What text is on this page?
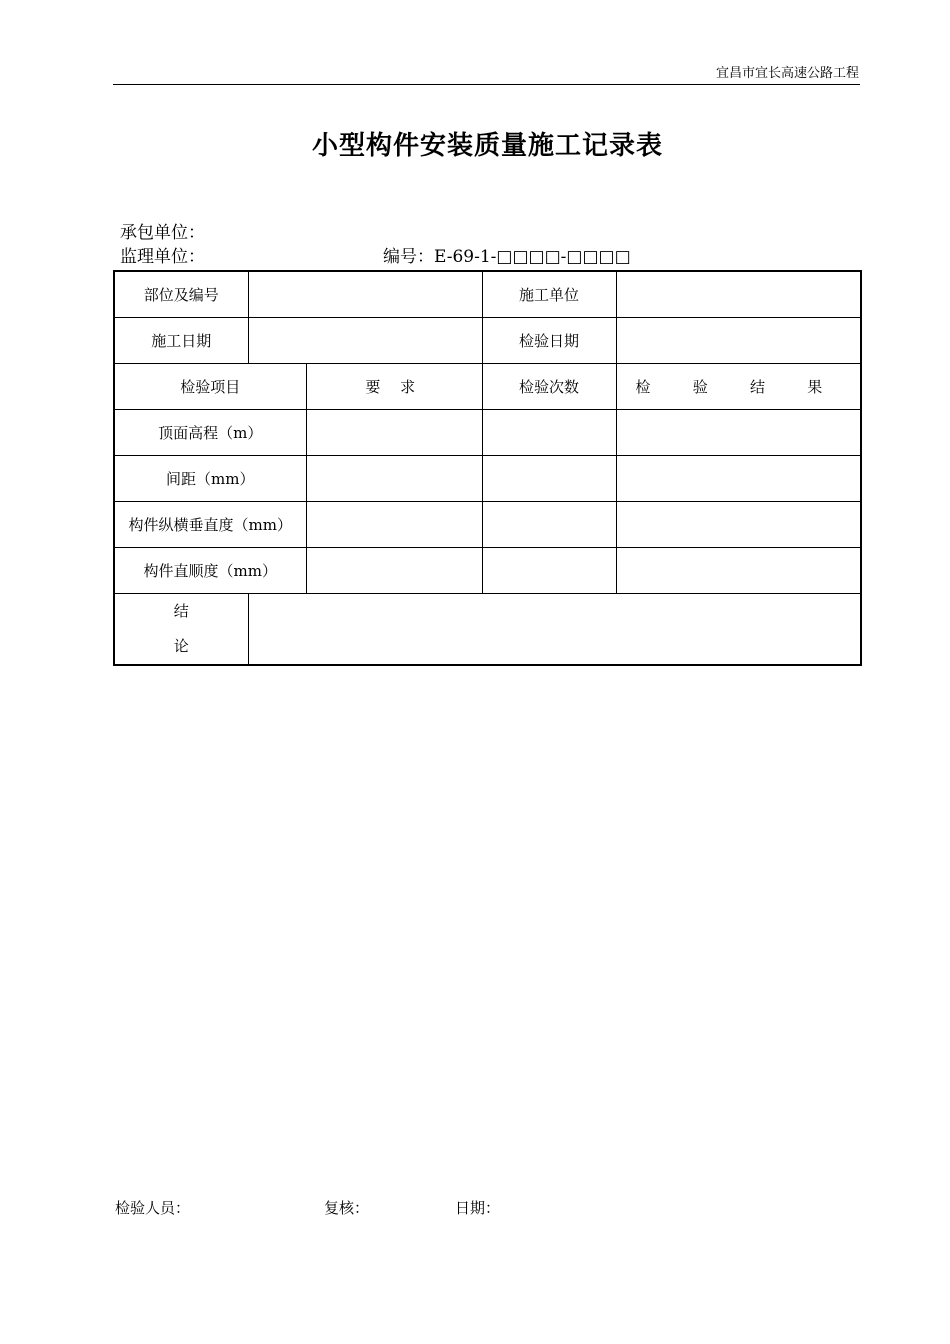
宜昌市宜长高速公路工程
小型构件安装质量施工记录表
承包单位：
监理单位：	编号：E-69-1-□□□□-□□□□
部位及编号			施工单位	
施工日期			检验日期	
检验项目		要 求	检验次数	检 验 结 果
顶面高程（m）				
间距（mm）				
构件纵横垂直度（mm）				
构件直顺度（mm）				

结
论				

检验人员：	复核：	日期：
